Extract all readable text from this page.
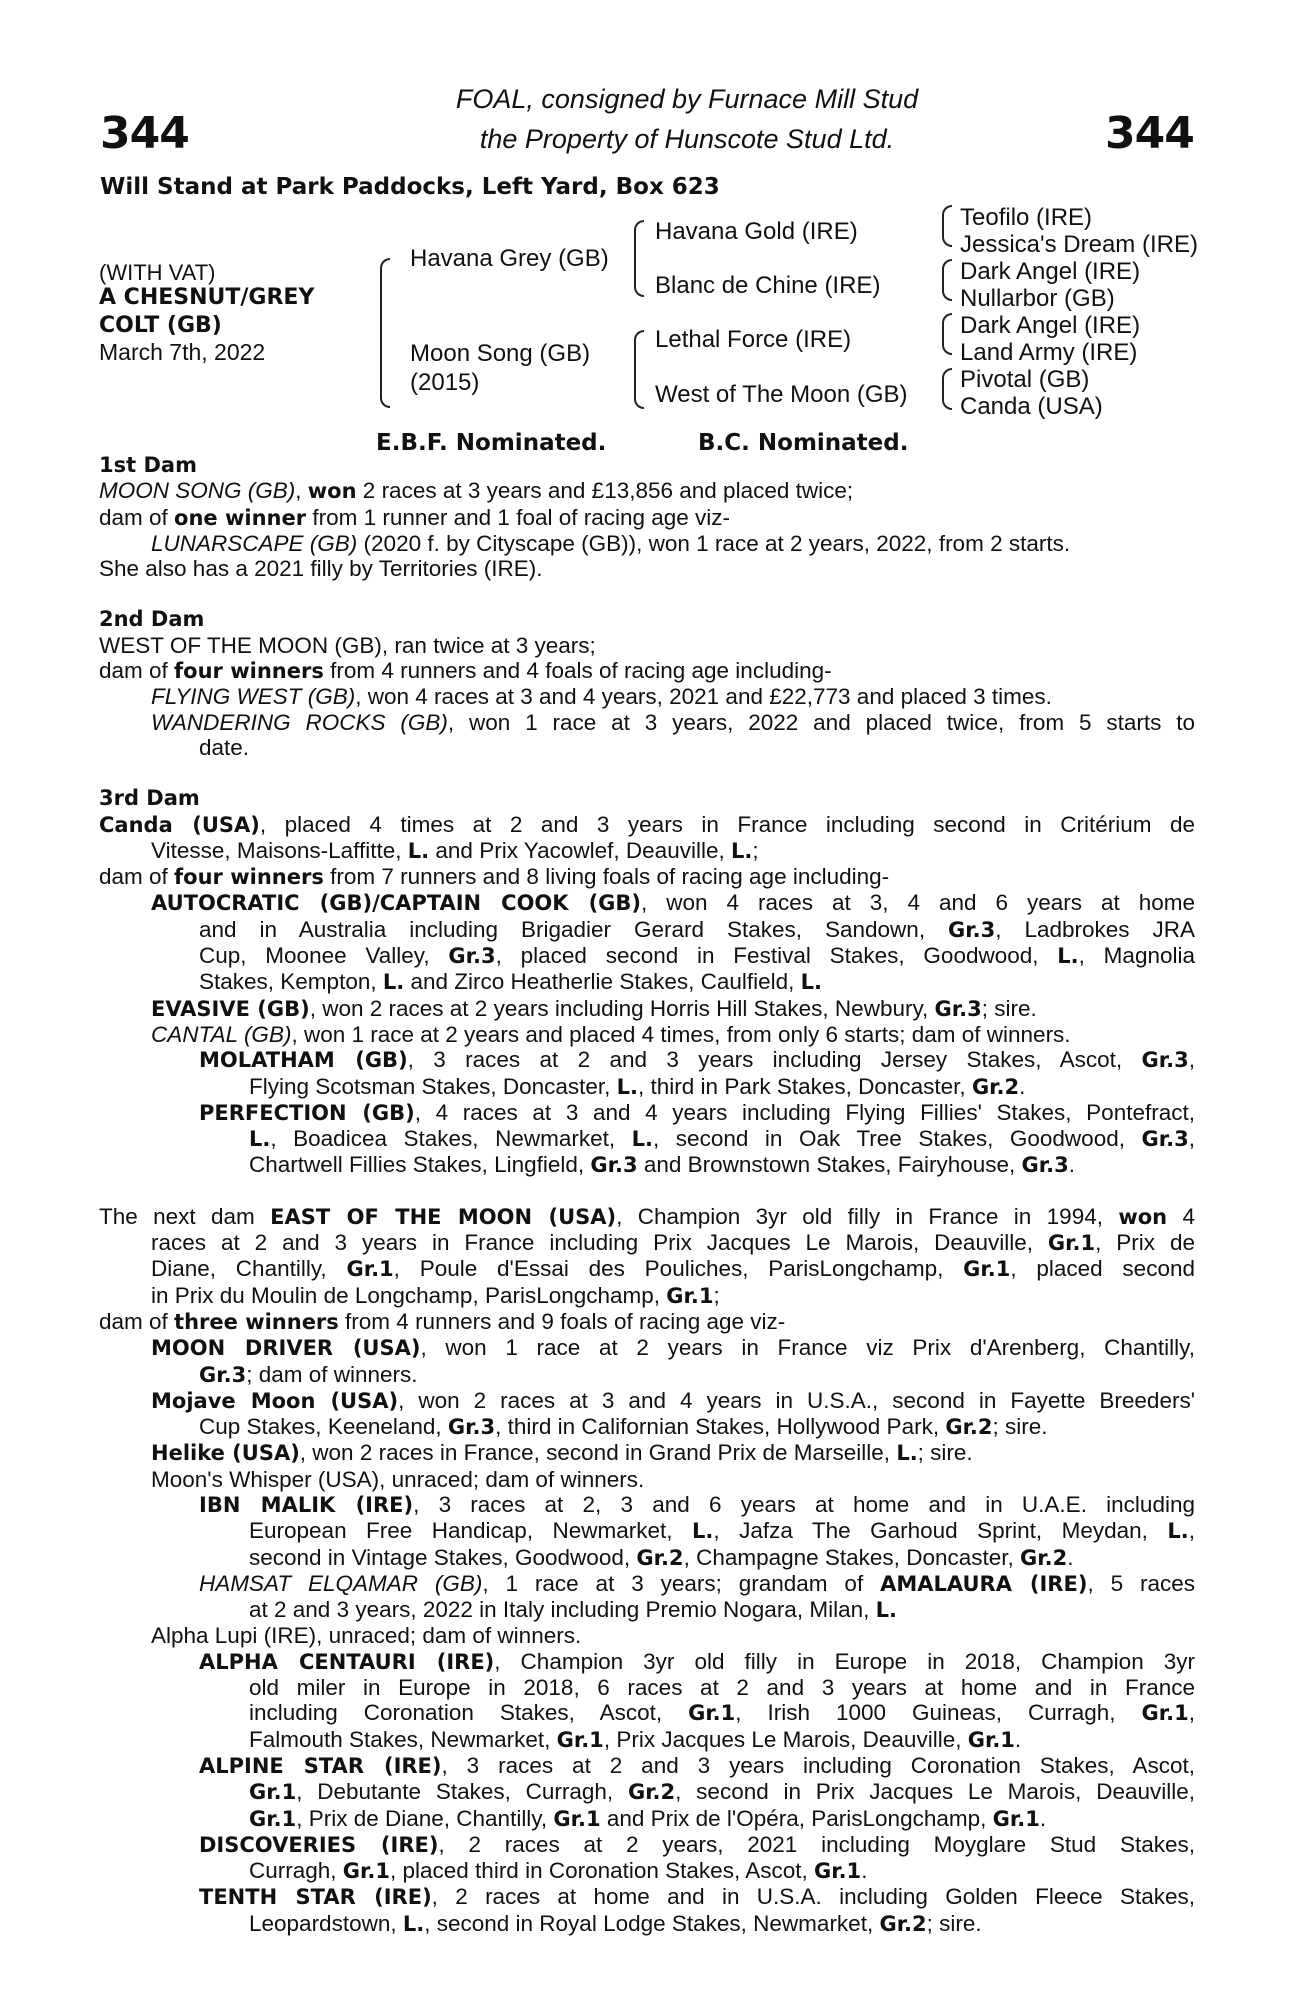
344	344
FOAL, consigned by Furnace Mill Stud
the Property of Hunscote Stud Ltd.
Will Stand at Park Paddocks, Left Yard, Box 623
(WITH VAT)
A CHESNUT/GREY
COLT (GB)
March 7th, 2022
Havana Grey (GB)
Moon Song (GB)
(2015)
Havana Gold (IRE)
Blanc de Chine (IRE)
Lethal Force (IRE)
West of The Moon (GB)
Teofilo (IRE)
Jessica's Dream (IRE)
Dark Angel (IRE)
Nullarbor (GB)
Dark Angel (IRE)
Land Army (IRE)
Pivotal (GB)
Canda (USA)
E.B.F. Nominated.	B.C. Nominated.
1st Dam
MOON SONG (GB), won 2 races at 3 years and £13,856 and placed twice;
dam of one winner from 1 runner and 1 foal of racing age viz-
LUNARSCAPE (GB) (2020 f. by Cityscape (GB)), won 1 race at 2 years, 2022, from 2 starts.
She also has a 2021 filly by Territories (IRE).
2nd Dam
WEST OF THE MOON (GB), ran twice at 3 years;
dam of four winners from 4 runners and 4 foals of racing age including-
FLYING WEST (GB), won 4 races at 3 and 4 years, 2021 and £22,773 and placed 3 times.
WANDERING ROCKS (GB), won 1 race at 3 years, 2022 and placed twice, from 5 starts to
date.
3rd Dam
Canda (USA), placed 4 times at 2 and 3 years in France including second in Critérium de
Vitesse, Maisons-Laffitte, L. and Prix Yacowlef, Deauville, L.;
dam of four winners from 7 runners and 8 living foals of racing age including-
AUTOCRATIC (GB)/CAPTAIN COOK (GB), won 4 races at 3, 4 and 6 years at home
and in Australia including Brigadier Gerard Stakes, Sandown, Gr.3, Ladbrokes JRA
Cup, Moonee Valley, Gr.3, placed second in Festival Stakes, Goodwood, L., Magnolia
Stakes, Kempton, L. and Zirco Heatherlie Stakes, Caulfield, L.
EVASIVE (GB), won 2 races at 2 years including Horris Hill Stakes, Newbury, Gr.3; sire.
CANTAL (GB), won 1 race at 2 years and placed 4 times, from only 6 starts; dam of winners.
MOLATHAM (GB), 3 races at 2 and 3 years including Jersey Stakes, Ascot, Gr.3,
Flying Scotsman Stakes, Doncaster, L., third in Park Stakes, Doncaster, Gr.2.
PERFECTION (GB), 4 races at 3 and 4 years including Flying Fillies' Stakes, Pontefract,
L., Boadicea Stakes, Newmarket, L., second in Oak Tree Stakes, Goodwood, Gr.3,
Chartwell Fillies Stakes, Lingfield, Gr.3 and Brownstown Stakes, Fairyhouse, Gr.3.
The next dam EAST OF THE MOON (USA), Champion 3yr old filly in France in 1994, won 4
races at 2 and 3 years in France including Prix Jacques Le Marois, Deauville, Gr.1, Prix de
Diane, Chantilly, Gr.1, Poule d'Essai des Pouliches, ParisLongchamp, Gr.1, placed second
in Prix du Moulin de Longchamp, ParisLongchamp, Gr.1;
dam of three winners from 4 runners and 9 foals of racing age viz-
MOON DRIVER (USA), won 1 race at 2 years in France viz Prix d'Arenberg, Chantilly,
Gr.3; dam of winners.
Mojave Moon (USA), won 2 races at 3 and 4 years in U.S.A., second in Fayette Breeders'
Cup Stakes, Keeneland, Gr.3, third in Californian Stakes, Hollywood Park, Gr.2; sire.
Helike (USA), won 2 races in France, second in Grand Prix de Marseille, L.; sire.
Moon's Whisper (USA), unraced; dam of winners.
IBN MALIK (IRE), 3 races at 2, 3 and 6 years at home and in U.A.E. including
European Free Handicap, Newmarket, L., Jafza The Garhoud Sprint, Meydan, L.,
second in Vintage Stakes, Goodwood, Gr.2, Champagne Stakes, Doncaster, Gr.2.
HAMSAT ELQAMAR (GB), 1 race at 3 years; grandam of AMALAURA (IRE), 5 races
at 2 and 3 years, 2022 in Italy including Premio Nogara, Milan, L.
Alpha Lupi (IRE), unraced; dam of winners.
ALPHA CENTAURI (IRE), Champion 3yr old filly in Europe in 2018, Champion 3yr
old miler in Europe in 2018, 6 races at 2 and 3 years at home and in France
including Coronation Stakes, Ascot, Gr.1, Irish 1000 Guineas, Curragh, Gr.1,
Falmouth Stakes, Newmarket, Gr.1, Prix Jacques Le Marois, Deauville, Gr.1.
ALPINE STAR (IRE), 3 races at 2 and 3 years including Coronation Stakes, Ascot,
Gr.1, Debutante Stakes, Curragh, Gr.2, second in Prix Jacques Le Marois, Deauville,
Gr.1, Prix de Diane, Chantilly, Gr.1 and Prix de l'Opéra, ParisLongchamp, Gr.1.
DISCOVERIES (IRE), 2 races at 2 years, 2021 including Moyglare Stud Stakes,
Curragh, Gr.1, placed third in Coronation Stakes, Ascot, Gr.1.
TENTH STAR (IRE), 2 races at home and in U.S.A. including Golden Fleece Stakes,
Leopardstown, L., second in Royal Lodge Stakes, Newmarket, Gr.2; sire.
